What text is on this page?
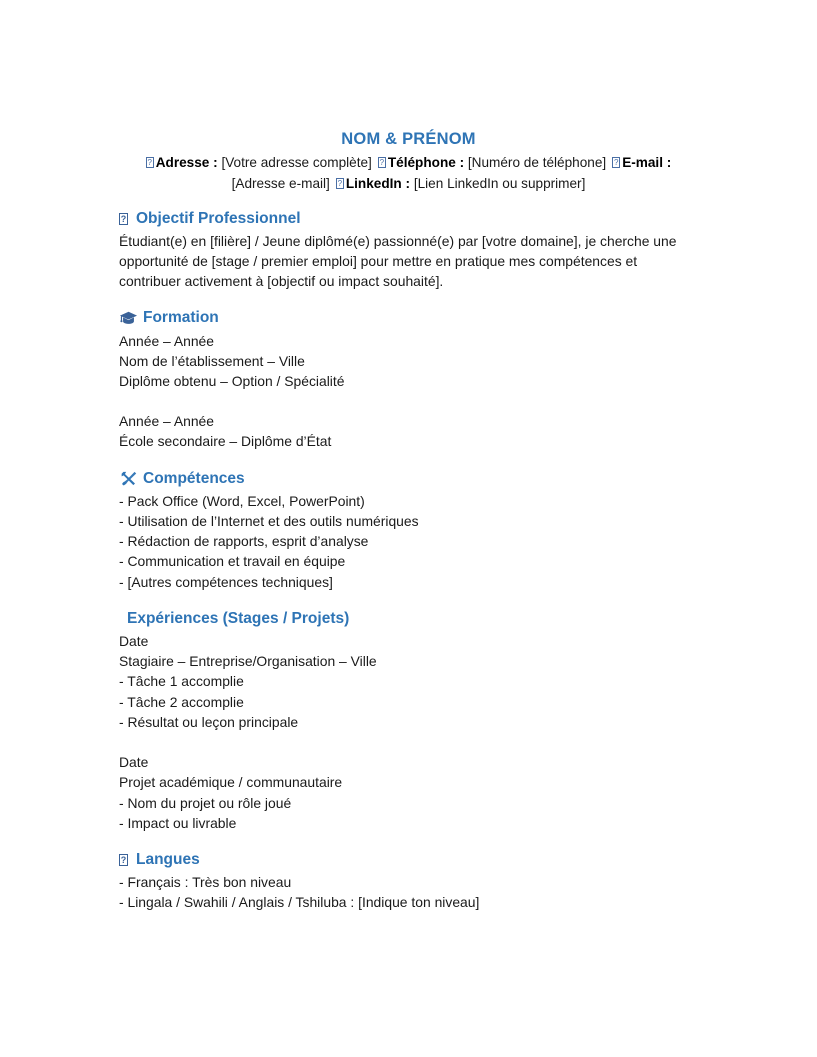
NOM & PRÉNOM
?Adresse : [Votre adresse complète] ? Téléphone : [Numéro de téléphone] ? E-mail : [Adresse e-mail] ? LinkedIn : [Lien LinkedIn ou supprimer]
?
Objectif Professionnel

Étudiant(e) en [filière] / Jeune diplômé(e) passionné(e) par [votre domaine], je cherche une opportunité de [stage / premier emploi] pour mettre en pratique mes compétences et contribuer activement à [objectif ou impact souhaité].

Formation

Année – Année

Nom de l’établissement – Ville

Diplôme obtenu – Option / Spécialité

Année – Année

École secondaire – Diplôme d’État

Compétences

- Pack Office (Word, Excel, PowerPoint)

- Utilisation de l’Internet et des outils numériques

- Rédaction de rapports, esprit d’analyse

- Communication et travail en équipe

- [Autres compétences techniques]

Expériences (Stages / Projets)

Date

Stagiaire – Entreprise/Organisation – Ville

- Tâche 1 accomplie

- Tâche 2 accomplie

- Résultat ou leçon principale

Date

Projet académique / communautaire

- Nom du projet ou rôle joué

- Impact ou livrable

?
Langues

- Français : Très bon niveau

- Lingala / Swahili / Anglais / Tshiluba : [Indique ton niveau]
